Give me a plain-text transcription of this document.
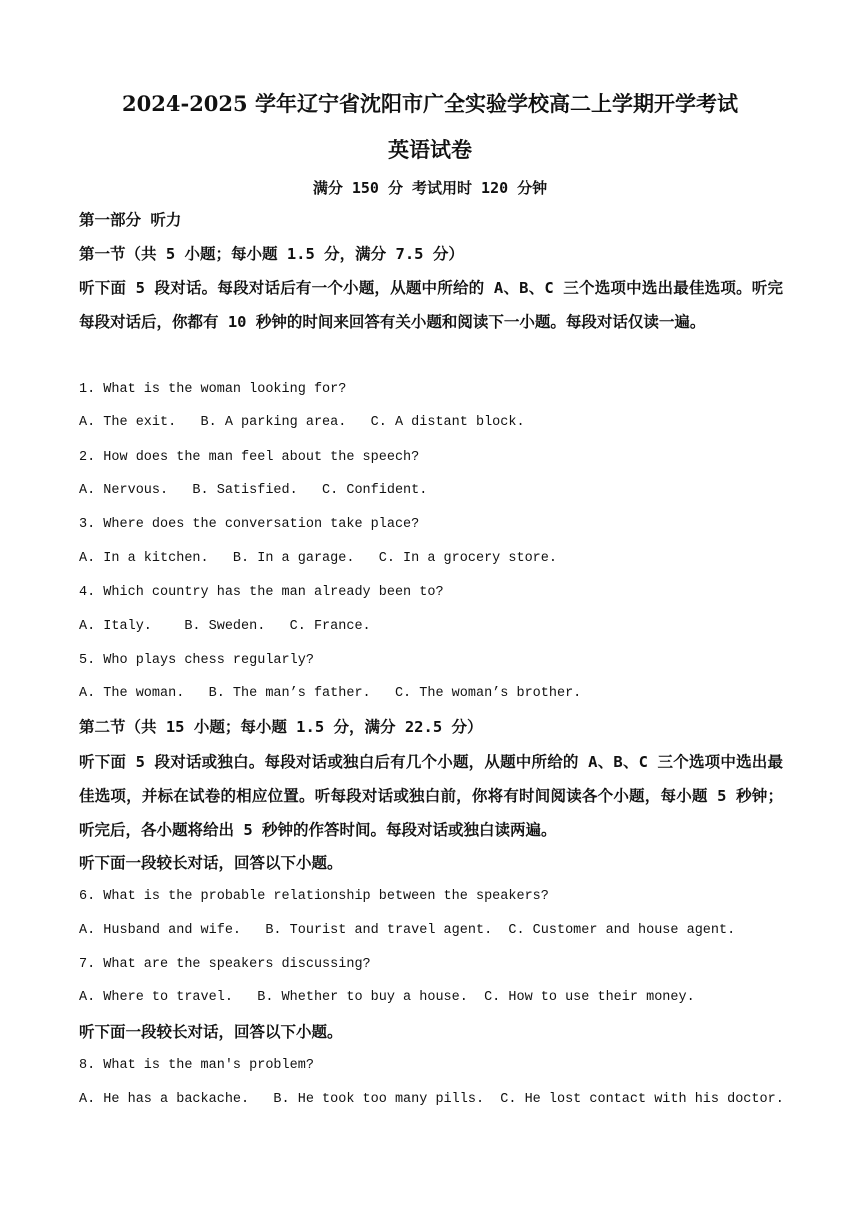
2024-2025 学年辽宁省沈阳市广全实验学校高二上学期开学考试
英语试卷
满分 150 分 考试用时 120 分钟
第一部分 听力
第一节（共 5 小题；每小题 1.5 分，满分 7.5 分）
听下面 5 段对话。每段对话后有一个小题，从题中所给的 A、B、C 三个选项中选出最佳选项。听完每段对话后，你都有 10 秒钟的时间来回答有关小题和阅读下一小题。每段对话仅读一遍。
1. What is the woman looking for?
A. The exit.   B. A parking area.   C. A distant block.
2. How does the man feel about the speech?
A. Nervous.   B. Satisfied.   C. Confident.
3. Where does the conversation take place?
A. In a kitchen.   B. In a garage.   C. In a grocery store.
4. Which country has the man already been to?
A. Italy.    B. Sweden.   C. France.
5. Who plays chess regularly?
A. The woman.   B. The man’s father.   C. The woman’s brother.
第二节（共 15 小题；每小题 1.5 分，满分 22.5 分）
听下面 5 段对话或独白。每段对话或独白后有几个小题，从题中所给的 A、B、C 三个选项中选出最佳选项，并标在试卷的相应位置。听每段对话或独白前，你将有时间阅读各个小题，每小题 5 秒钟；听完后，各小题将给出 5 秒钟的作答时间。每段对话或独白读两遍。
听下面一段较长对话，回答以下小题。
6. What is the probable relationship between the speakers?
A. Husband and wife.   B. Tourist and travel agent.  C. Customer and house agent.
7. What are the speakers discussing?
A. Where to travel.   B. Whether to buy a house.  C. How to use their money.
听下面一段较长对话，回答以下小题。
8. What is the man's problem?
A. He has a backache.   B. He took too many pills.  C. He lost contact with his doctor.
